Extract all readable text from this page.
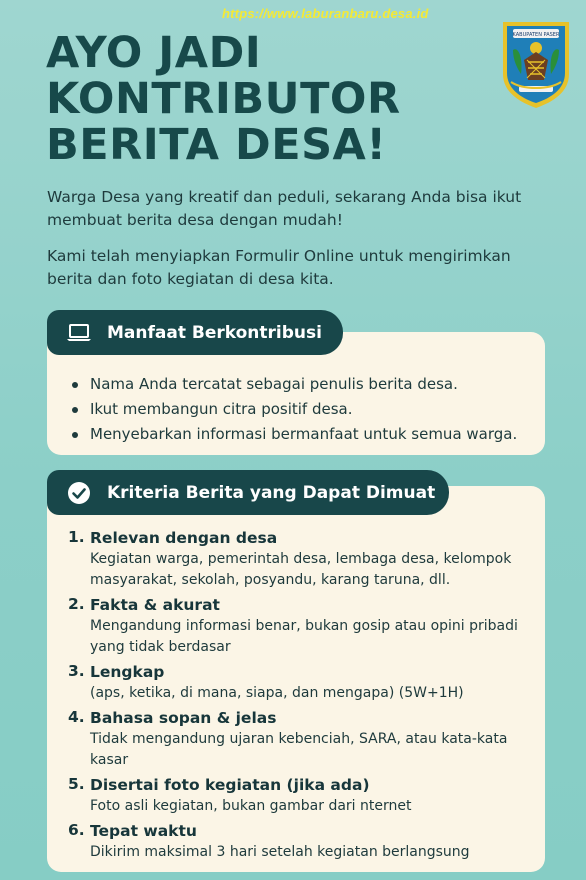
https://www.laburanbaru.desa.id
KABUPATEN PASER
AYO JADI
KONTRIBUTOR
BERITA DESA!
Warga Desa yang kreatif dan peduli, sekarang Anda bisa ikut membuat berita desa dengan mudah!
Kami telah menyiapkan Formulir Online untuk mengirimkan berita dan foto kegiatan di desa kita.
Manfaat Berkontribusi
Nama Anda tercatat sebagai penulis berita desa.
Ikut membangun citra positif desa.
Menyebarkan informasi bermanfaat untuk semua warga.
Kriteria Berita yang Dapat Dimuat
1. Relevan dengan desa
Kegiatan warga, pemerintah desa, lembaga desa, kelompok masyarakat, sekolah, posyandu, karang taruna, dll.
2. Fakta & akurat
Mengandung informasi benar, bukan gosip atau opini pribadi yang tidak berdasar
3. Lengkap
(aps, ketika, di mana, siapa, dan mengapa) (5W+1H)
4. Bahasa sopan & jelas
Tidak mengandung ujaran kebenciah, SARA, atau kata-kata kasar
5. Disertai foto kegiatan (jika ada)
Foto asli kegiatan, bukan gambar dari nternet
6. Tepat waktu
Dikirim maksimal 3 hari setelah kegiatan berlangsung
